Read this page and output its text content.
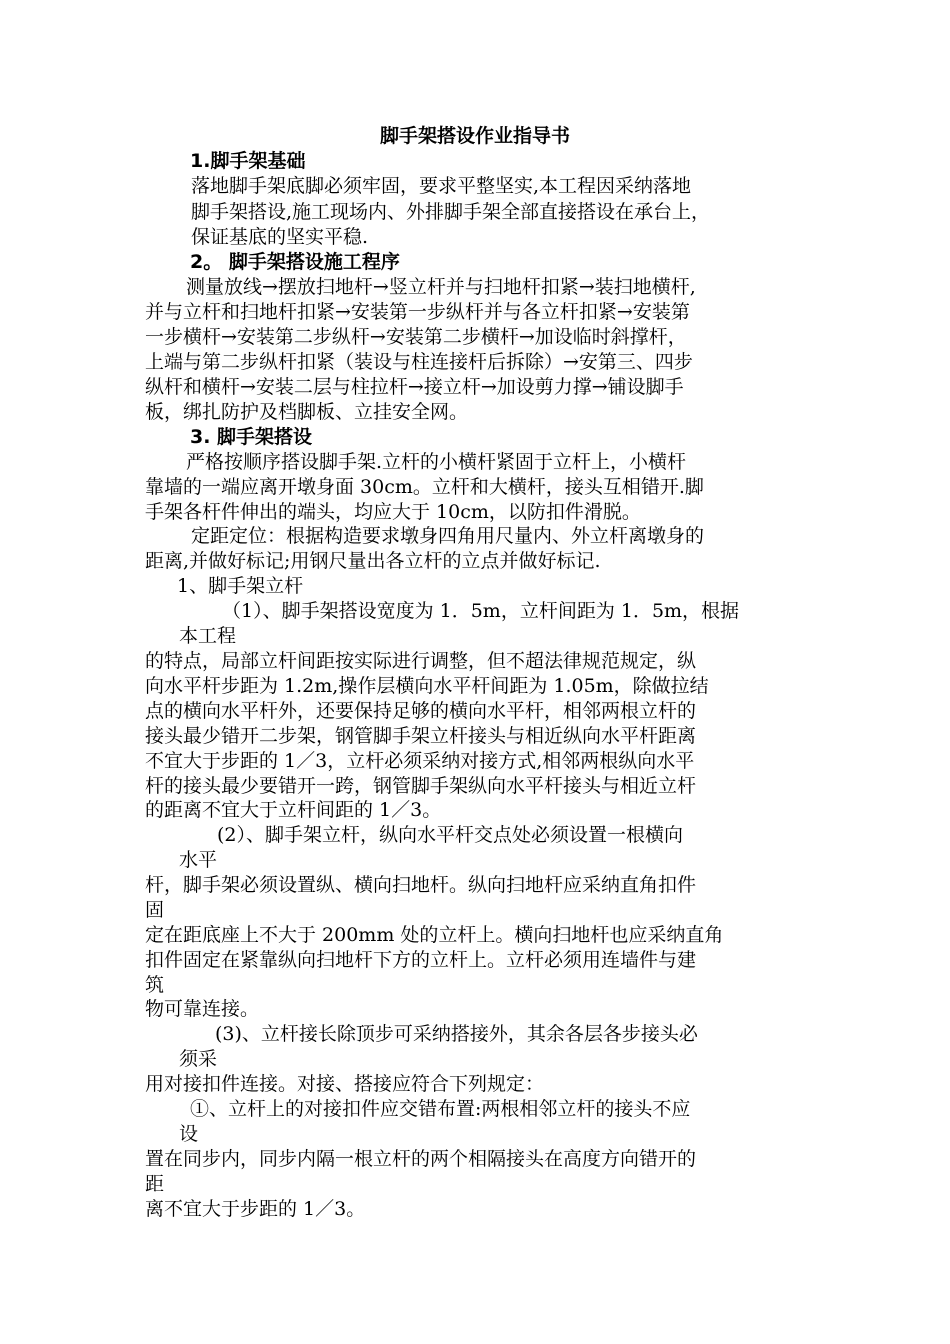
脚手架搭设作业指导书
1.脚手架基础
落地脚手架底脚必须牢固，要求平整坚实,本工程因采纳落地
脚手架搭设,施工现场内、外排脚手架全部直接搭设在承台上，
保证基底的坚实平稳.
2。 脚手架搭设施工程序
测量放线→摆放扫地杆→竖立杆并与扫地杆扣紧→装扫地横杆,
并与立杆和扫地杆扣紧→安装第一步纵杆并与各立杆扣紧→安装第
一步横杆→安装第二步纵杆→安装第二步横杆→加设临时斜撑杆，
上端与第二步纵杆扣紧（装设与柱连接杆后拆除）→安第三、四步
纵杆和横杆→安装二层与柱拉杆→接立杆→加设剪力撑→铺设脚手
板，绑扎防护及档脚板、立挂安全网。
3. 脚手架搭设
严格按顺序搭设脚手架.立杆的小横杆紧固于立杆上，小横杆
靠墙的一端应离开墩身面 30cm。立杆和大横杆，接头互相错开.脚
手架各杆件伸出的端头，均应大于 10cm，以防扣件滑脱。
定距定位：根据构造要求墩身四角用尺量内、外立杆离墩身的
距离,并做好标记;用钢尺量出各立杆的立点并做好标记.
1、脚手架立杆
（1）、脚手架搭设宽度为 1．5m，立杆间距为 1．5m，根据
本工程
的特点，局部立杆间距按实际进行调整，但不超法律规范规定，纵
向水平杆步距为 1.2m,操作层横向水平杆间距为 1.05m，除做拉结
点的横向水平杆外，还要保持足够的横向水平杆，相邻两根立杆的
接头最少错开二步架，钢管脚手架立杆接头与相近纵向水平杆距离
不宜大于步距的 1／3，立杆必须采纳对接方式,相邻两根纵向水平
杆的接头最少要错开一跨，钢管脚手架纵向水平杆接头与相近立杆
的距离不宜大于立杆间距的 1／3。
(2）、脚手架立杆，纵向水平杆交点处必须设置一根横向
水平
杆，脚手架必须设置纵、横向扫地杆。纵向扫地杆应采纳直角扣件
固
定在距底座上不大于 200mm 处的立杆上。横向扫地杆也应采纳直角
扣件固定在紧靠纵向扫地杆下方的立杆上。立杆必须用连墙件与建
筑
物可靠连接。
(3)、立杆接长除顶步可采纳搭接外，其余各层各步接头必
须采
用对接扣件连接。对接、搭接应符合下列规定：
①、立杆上的对接扣件应交错布置:两根相邻立杆的接头不应
设
置在同步内，同步内隔一根立杆的两个相隔接头在高度方向错开的
距
离不宜大于步距的 1／3。
